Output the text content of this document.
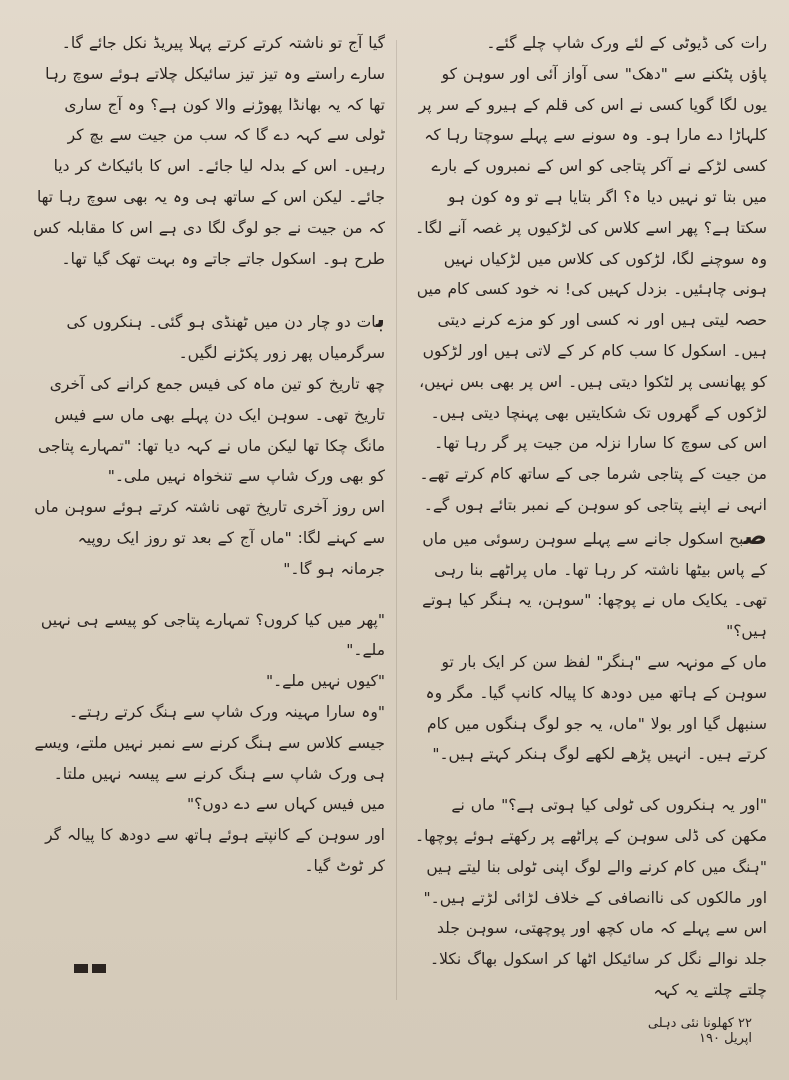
رات کی ڈیوٹی کے لئے ورک شاپ چلے گئے۔

پاؤں پٹکنے سے "دھک" سی آواز آئی اور سوہن کو یوں لگا گویا کسی نے اس کی قلم کے ہیرو کے سر پر کلہاڑا دے مارا ہو۔ وہ سونے سے پہلے سوچتا رہا کہ کسی لڑکے نے آکر پتاجی کو اس کے نمبروں کے بارے میں بتا تو نہیں دیا ہ؟ اگر بتایا ہے تو وہ کون ہو سکتا ہے؟ پھر اسے کلاس کی لڑکیوں پر غصہ آنے لگا۔ وہ سوچنے لگا، لڑکوں کی کلاس میں لڑکیاں نہیں ہونی چاہئیں۔ بزدل کہیں کی! نہ خود کسی کام میں حصہ لیتی ہیں اور نہ کسی اور کو مزے کرنے دیتی ہیں۔ اسکول کا سب کام کر کے لاتی ہیں اور لڑکوں کو پھانسی پر لٹکوا دیتی ہیں۔ اس پر بھی بس نہیں، لڑکوں کے گھروں تک شکایتیں بھی پہنچا دیتی ہیں۔ اس کی سوچ کا سارا نزلہ من جیت پر گر رہا تھا۔

من جیت کے پتاجی شرما جی کے ساتھ کام کرتے تھے۔ انہی نے اپنے پتاجی کو سوہن کے نمبر بتائے ہوں گے۔

صبح اسکول جانے سے پہلے سوہن رسوئی میں ماں کے پاس بیٹھا ناشتہ کر رہا تھا۔ ماں پراٹھے بنا رہی تھی۔ یکایک ماں نے پوچھا: "سوہن، یہ ہنگر کیا ہوتے ہیں؟"

ماں کے مونہہ سے "ہنگر" لفظ سن کر ایک بار تو سوہن کے ہاتھ میں دودھ کا پیالہ کانپ گیا۔ مگر وہ سنبھل گیا اور بولا "ماں، یہ جو لوگ ہنگوں میں کام کرتے ہیں۔ انہیں پڑھے لکھے لوگ ہنکر کہتے ہیں۔"

"اور یہ ہنکروں کی ٹولی کیا ہوتی ہے؟" ماں نے مکھن کی ڈلی سوہن کے پراٹھے پر رکھتے ہوئے پوچھا۔

"ہنگ میں کام کرنے والے لوگ اپنی ٹولی بنا لیتے ہیں اور مالکوں کی ناانصافی کے خلاف لڑائی لڑتے ہیں۔"

اس سے پہلے کہ ماں کچھ اور پوچھتی، سوہن جلد جلد نوالے نگل کر سائیکل اٹھا کر اسکول بھاگ نکلا۔ چلتے چلتے یہ کہہ

گیا آج تو ناشتہ کرتے کرتے پہلا پیریڈ نکل جائے گا۔

سارے راستے وہ تیز تیز سائیکل چلاتے ہوئے سوچ رہا تھا کہ یہ بھانڈا پھوڑنے والا کون ہے؟ وہ آج ساری ٹولی سے کہہ دے گا کہ سب من جیت سے بچ کر رہیں۔ اس کے بدلہ لیا جائے۔ اس کا بائیکاٹ کر دیا جائے۔ لیکن اس کے ساتھ ہی وہ یہ بھی سوچ رہا تھا کہ من جیت نے جو لوگ لگا دی ہے اس کا مقابلہ کس طرح ہو۔ اسکول جاتے جاتے وہ بہت تھک گیا تھا۔

بات دو چار دن میں ٹھنڈی ہو گئی۔ ہنکروں کی سرگرمیاں پھر زور پکڑنے لگیں۔

چھ تاریخ کو تین ماہ کی فیس جمع کرانے کی آخری تاریخ تھی۔ سوہن ایک دن پہلے بھی ماں سے فیس مانگ چکا تھا لیکن ماں نے کہہ دیا تھا: "تمہارے پتاجی کو بھی ورک شاپ سے تنخواہ نہیں ملی۔"

اس روز آخری تاریخ تھی ناشتہ کرتے ہوئے سوہن ماں سے کہنے لگا: "ماں آج کے بعد تو روز ایک روپیہ جرمانہ ہو گا۔"

"پھر میں کیا کروں؟ تمہارے پتاجی کو پیسے ہی نہیں ملے۔"

"کیوں نہیں ملے۔"

"وہ سارا مہینہ ورک شاپ سے ہنگ کرتے رہتے۔ جیسے کلاس سے ہنگ کرنے سے نمبر نہیں ملتے، ویسے ہی ورک شاپ سے ہنگ کرنے سے پیسہ نہیں ملتا۔ میں فیس کہاں سے دے دوں؟"

اور سوہن کے کانپتے ہوئے ہاتھ سے دودھ کا پیالہ گر کر ٹوٹ گیا۔

۲۲ کھلونا نئی دہلی اپریل ۱۹۰
